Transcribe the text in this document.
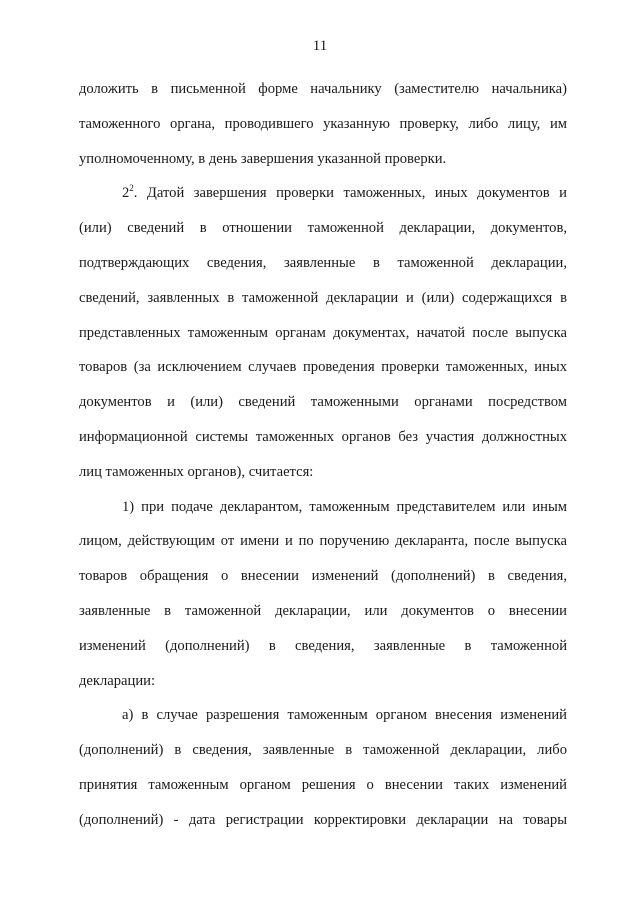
11

доложить в письменной форме начальнику (заместителю начальника)

таможенного органа, проводившего указанную проверку, либо лицу, им

уполномоченному, в день завершения указанной проверки.

$2^2$. Датой завершения проверки таможенных, иных документов и

(или) сведений в отношении таможенной декларации, документов,

подтверждающих сведения, заявленные в таможенной декларации,

сведений, заявленных в таможенной декларации и (или) содержащихся в

представленных таможенным органам документах, начатой после выпуска

товаров (за исключением случаев проведения проверки таможенных, иных

документов и (или) сведений таможенными органами посредством

информационной системы таможенных органов без участия должностных

лиц таможенных органов), считается:

1) при подаче декларантом, таможенным представителем или иным

лицом, действующим от имени и по поручению декларанта, после выпуска

товаров обращения о внесении изменений (дополнений) в сведения,

заявленные в таможенной декларации, или документов о внесении

изменений (дополнений) в сведения, заявленные в таможенной

декларации:

а) в случае разрешения таможенным органом внесения изменений

(дополнений) в сведения, заявленные в таможенной декларации, либо

принятия таможенным органом решения о внесении таких изменений

(дополнений) - дата регистрации корректировки декларации на товары
